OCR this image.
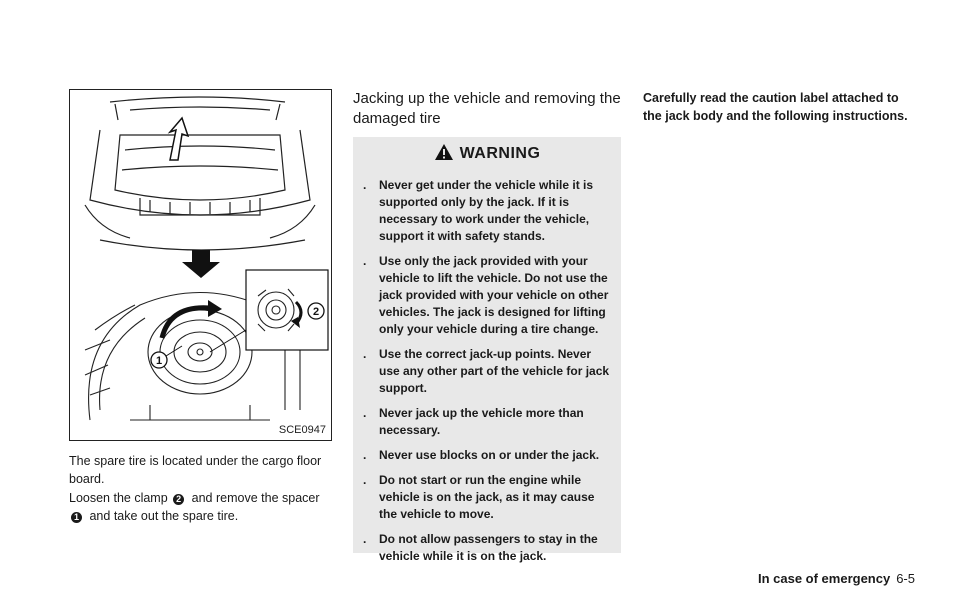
1
2
SCE0947

The spare tire is located under the cargo floor board.

Loosen the clamp 2 and remove the spacer 1 and take out the spare tire.

Jacking up the vehicle and removing the damaged tire
WARNING
. Never get under the vehicle while it is supported only by the jack. If it is necessary to work under the vehicle, support it with safety stands.
. Use only the jack provided with your vehicle to lift the vehicle. Do not use the jack provided with your vehicle on other vehicles. The jack is designed for lifting only your vehicle during a tire change.
. Use the correct jack-up points. Never use any other part of the vehicle for jack support.
. Never jack up the vehicle more than necessary.
. Never use blocks on or under the jack.
. Do not start or run the engine while vehicle is on the jack, as it may cause the vehicle to move.
. Do not allow passengers to stay in the vehicle while it is on the jack.

Carefully read the caution label attached to the jack body and the following instructions.

In case of emergency 6-5
